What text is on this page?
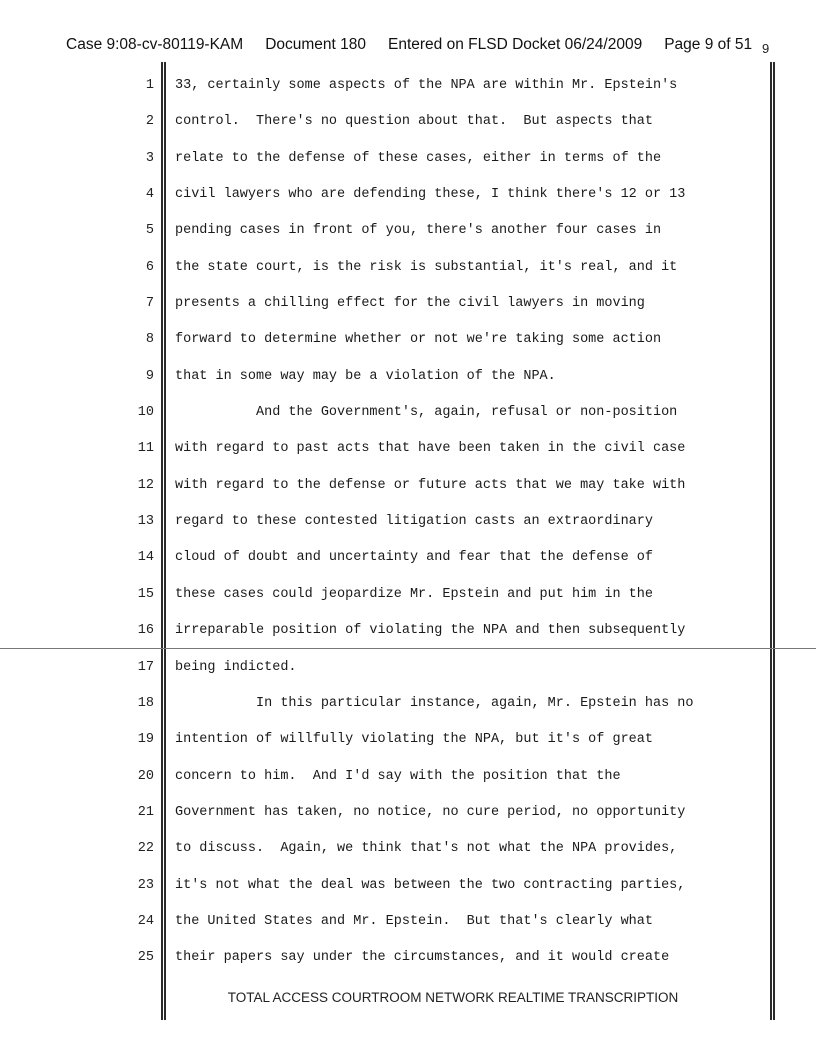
Case 9:08-cv-80119-KAM Document 180 Entered on FLSD Docket 06/24/2009 Page 9 of 51 9
1 33, certainly some aspects of the NPA are within Mr. Epstein's
2 control.  There's no question about that.  But aspects that
3 relate to the defense of these cases, either in terms of the
4 civil lawyers who are defending these, I think there's 12 or 13
5 pending cases in front of you, there's another four cases in
6 the state court, is the risk is substantial, it's real, and it
7 presents a chilling effect for the civil lawyers in moving
8 forward to determine whether or not we're taking some action
9 that in some way may be a violation of the NPA.
10 And the Government's, again, refusal or non-position
11 with regard to past acts that have been taken in the civil case
12 with regard to the defense or future acts that we may take with
13 regard to these contested litigation casts an extraordinary
14 cloud of doubt and uncertainty and fear that the defense of
15 these cases could jeopardize Mr. Epstein and put him in the
16 irreparable position of violating the NPA and then subsequently
17 being indicted.
18 In this particular instance, again, Mr. Epstein has no
19 intention of willfully violating the NPA, but it's of great
20 concern to him.  And I'd say with the position that the
21 Government has taken, no notice, no cure period, no opportunity
22 to discuss.  Again, we think that's not what the NPA provides,
23 it's not what the deal was between the two contracting parties,
24 the United States and Mr. Epstein.  But that's clearly what
25 their papers say under the circumstances, and it would create
TOTAL ACCESS COURTROOM NETWORK REALTIME TRANSCRIPTION
